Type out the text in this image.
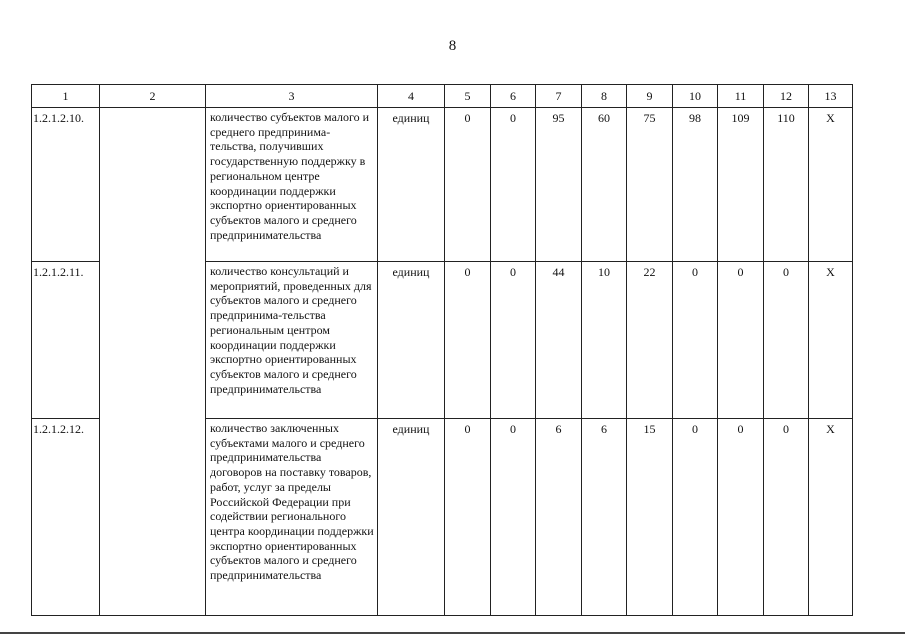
8
1	2	3	4	5	6	7	8	9	10	11	12	13
1.2.1.2.10.		количество субъектов малого и среднего предпринима-тельства, получивших государственную поддержку в региональном центре координации поддержки экспортно ориентированных субъектов малого и среднего предпринимательства	единиц	0	0	95	60	75	98	109	110	X
1.2.1.2.11.		количество консультаций и мероприятий, проведенных для субъектов малого и среднего предпринима-тельства региональным центром координации поддержки экспортно ориентированных субъектов малого и среднего предпринимательства	единиц	0	0	44	10	22	0	0	0	X
1.2.1.2.12.		количество заключенных субъектами малого и среднего предпринимательства договоров на поставку товаров, работ, услуг за пределы Российской Федерации при содействии регионального центра координации поддержки экспортно ориентированных субъектов малого и среднего предпринимательства	единиц	0	0	6	6	15	0	0	0	X
